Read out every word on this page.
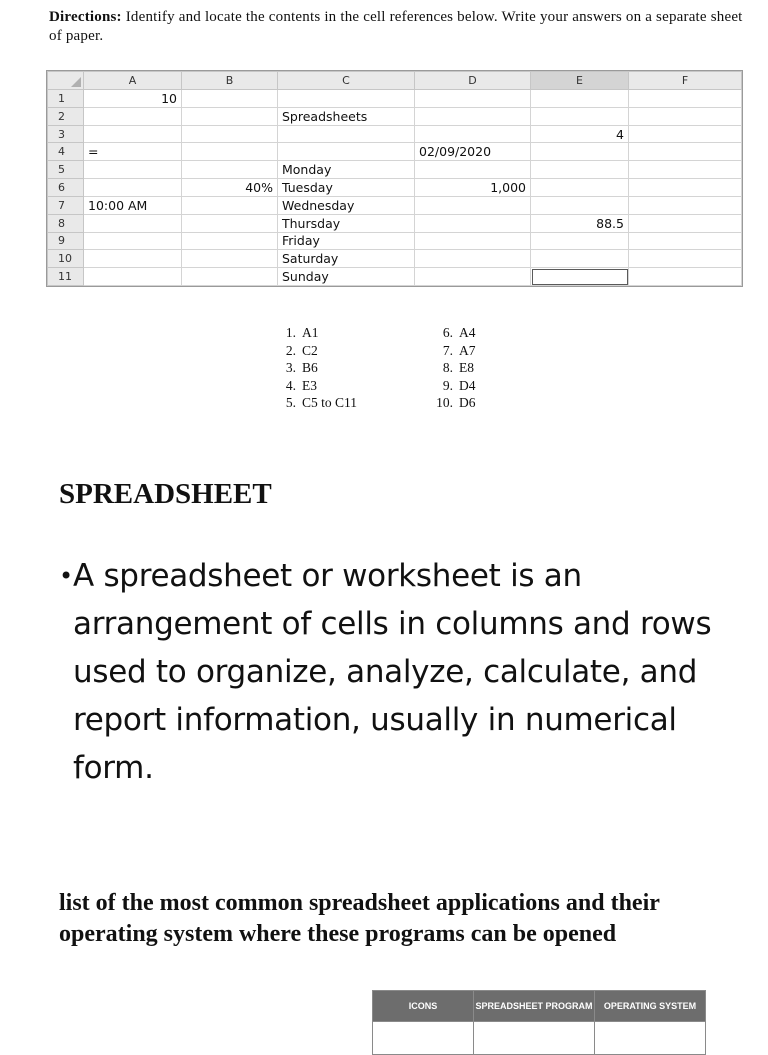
Directions: Identify and locate the contents in the cell references below. Write your answers on a separate sheet of paper.
	A	B	C	D	E	F
1	10					
2			Spreadsheets			
3					4	
4	=			02/09/2020		
5			Monday			
6		40%	Tuesday	1,000		
7	10:00 AM		Wednesday			
8			Thursday		88.5	
9			Friday			
10			Saturday			
11			Sunday			
1. A1
2. C2
3. B6
4. E3
5. C5 to C11
6. A4
7. A7
8. E8
9. D4
10. D6
SPREADSHEET
• A spreadsheet or worksheet is an arrangement of cells in columns and rows used to organize, analyze, calculate, and report information, usually in numerical form.
list of the most common spreadsheet applications and their operating system where these programs can be opened
ICONS	SPREADSHEET PROGRAM	OPERATING SYSTEM
